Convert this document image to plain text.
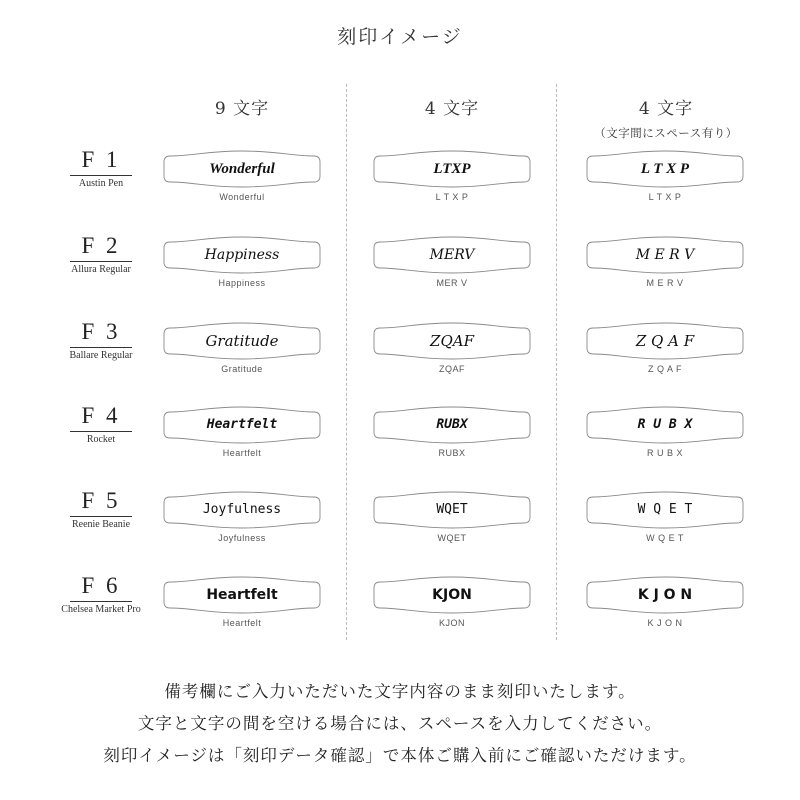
刻印イメージ
9 文字	4 文字	4 文字
（文字間にスペース有り）
F 1
Austin Pen
Wonderful
Wonderful
LTXP
L T X P
L T X P
L T X P
F 2
Allura Regular
Happiness
Happiness
MERV
MER V
M E R V
M E R V
F 3
Ballare Regular
Gratitude
Gratitude
ZQAF
ZQAF
Z Q A F
Z Q A F
F 4
Rocket
Heartfelt
Heartfelt
RUBX
RUBX
R U B X
R U B X
F 5
Reenie Beanie
Joyfulness
Joyfulness
WQET
WQET
W Q E T
W Q E T
F 6
Chelsea Market Pro
Heartfelt
Heartfelt
KJON
KJON
K J O N
K J O N
備考欄にご入力いただいた文字内容のまま刻印いたします。
文字と文字の間を空ける場合には、スペースを入力してください。
刻印イメージは「刻印データ確認」で本体ご購入前にご確認いただけます。
